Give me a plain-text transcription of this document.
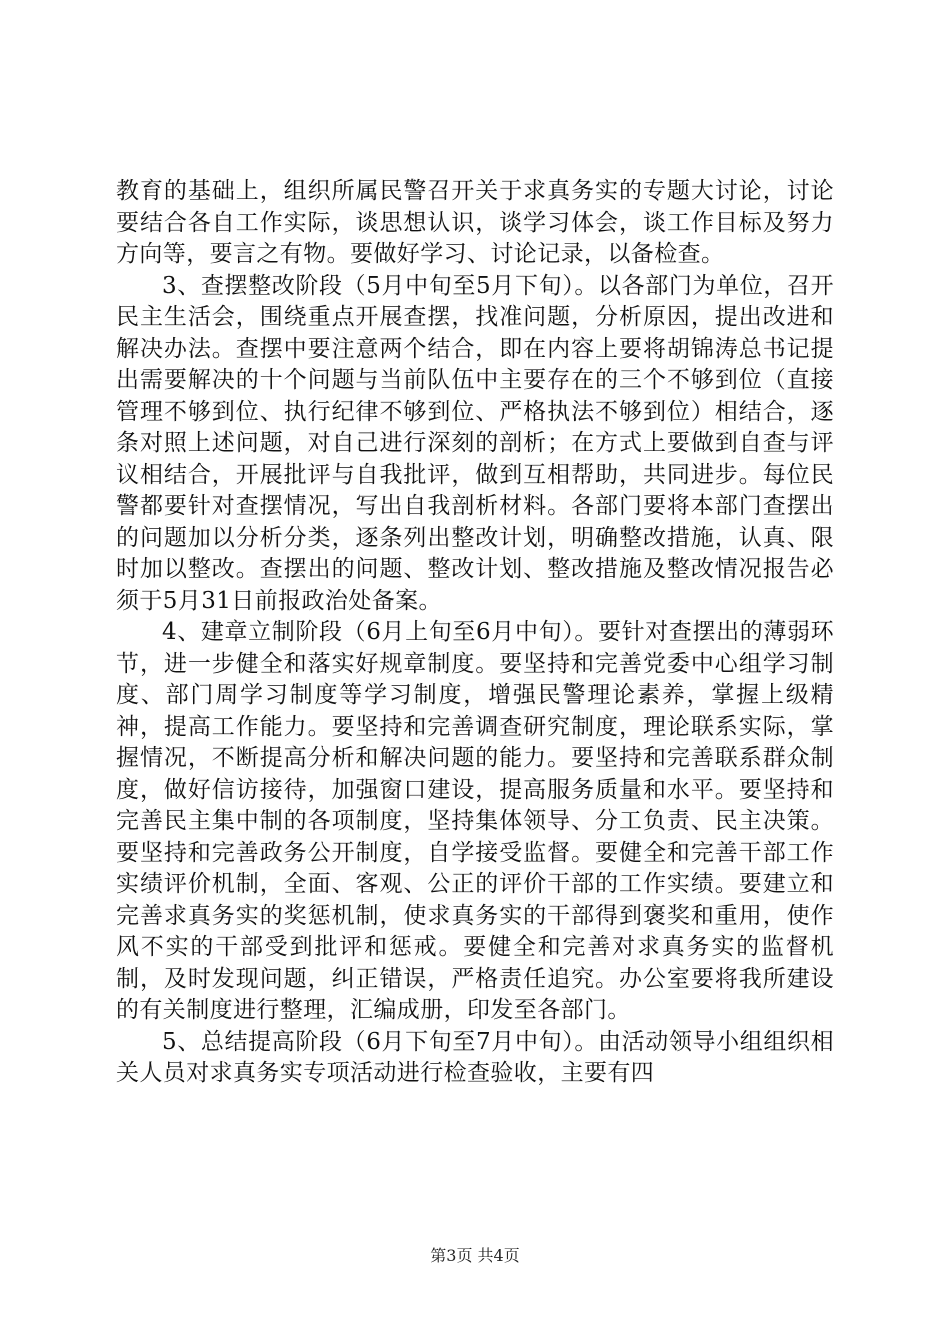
教育的基础上，组织所属民警召开关于求真务实的专题大讨论，讨论要结合各自工作实际，谈思想认识，谈学习体会，谈工作目标及努力方向等，要言之有物。要做好学习、讨论记录，以备检查。

3、查摆整改阶段（5月中旬至5月下旬）。以各部门为单位，召开民主生活会，围绕重点开展查摆，找准问题，分析原因，提出改进和解决办法。查摆中要注意两个结合，即在内容上要将胡锦涛总书记提出需要解决的十个问题与当前队伍中主要存在的三个不够到位（直接管理不够到位、执行纪律不够到位、严格执法不够到位）相结合，逐条对照上述问题，对自己进行深刻的剖析；在方式上要做到自查与评议相结合，开展批评与自我批评，做到互相帮助，共同进步。每位民警都要针对查摆情况，写出自我剖析材料。各部门要将本部门查摆出的问题加以分析分类，逐条列出整改计划，明确整改措施，认真、限时加以整改。查摆出的问题、整改计划、整改措施及整改情况报告必须于5月31日前报政治处备案。

4、建章立制阶段（6月上旬至6月中旬）。要针对查摆出的薄弱环节，进一步健全和落实好规章制度。要坚持和完善党委中心组学习制度、部门周学习制度等学习制度，增强民警理论素养，掌握上级精神，提高工作能力。要坚持和完善调查研究制度，理论联系实际，掌握情况，不断提高分析和解决问题的能力。要坚持和完善联系群众制度，做好信访接待，加强窗口建设，提高服务质量和水平。要坚持和完善民主集中制的各项制度，坚持集体领导、分工负责、民主决策。要坚持和完善政务公开制度，自学接受监督。要健全和完善干部工作实绩评价机制，全面、客观、公正的评价干部的工作实绩。要建立和完善求真务实的奖惩机制，使求真务实的干部得到褒奖和重用，使作风不实的干部受到批评和惩戒。要健全和完善对求真务实的监督机制，及时发现问题，纠正错误，严格责任追究。办公室要将我所建设的有关制度进行整理，汇编成册，印发至各部门。

5、总结提高阶段（6月下旬至7月中旬）。由活动领导小组组织相关人员对求真务实专项活动进行检查验收，主要有四

第3页 共4页
